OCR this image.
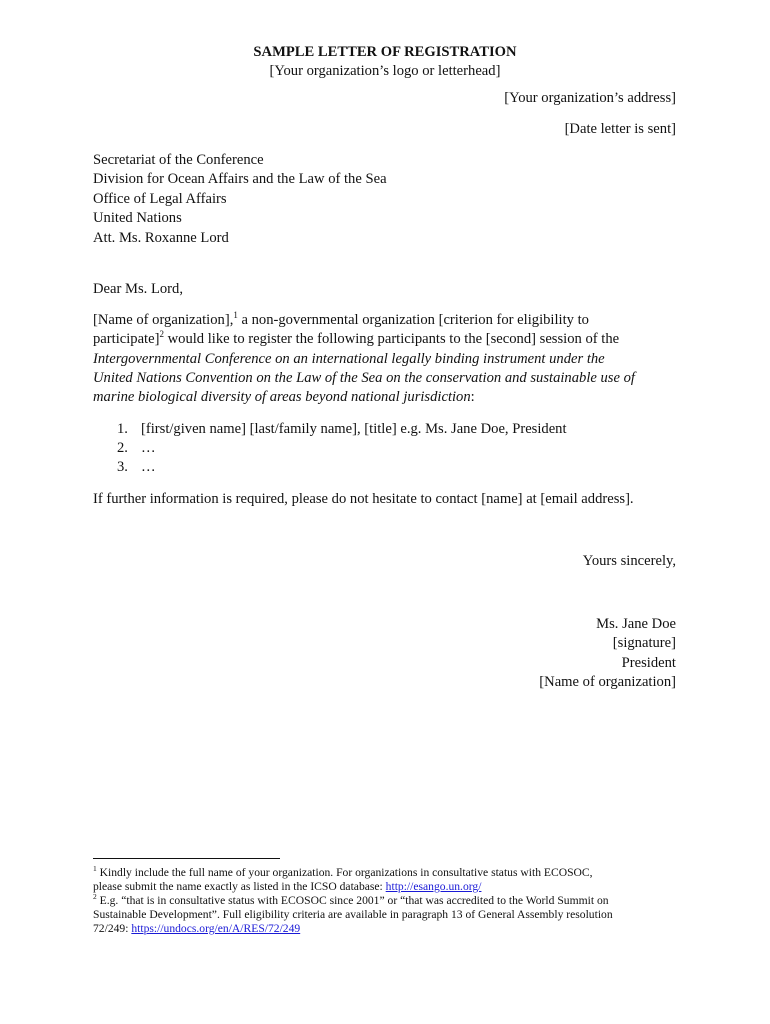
SAMPLE LETTER OF REGISTRATION
[Your organization’s logo or letterhead]
[Your organization’s address]
[Date letter is sent]
Secretariat of the Conference
Division for Ocean Affairs and the Law of the Sea
Office of Legal Affairs
United Nations
Att. Ms. Roxanne Lord
Dear Ms. Lord,
[Name of organization],$^1$ a non-governmental organization [criterion for eligibility to
participate]$^2$ would like to register the following participants to the [second] session of the
Intergovernmental Conference on an international legally binding instrument under the
United Nations Convention on the Law of the Sea on the conservation and sustainable use of
marine biological diversity of areas beyond national jurisdiction:
1. [first/given name] [last/family name], [title] e.g. Ms. Jane Doe, President
2. …
3. …
If further information is required, please do not hesitate to contact [name] at [email address].
Yours sincerely,
Ms. Jane Doe
[signature]
President
[Name of organization]
$^1$ Kindly include the full name of your organization. For organizations in consultative status with ECOSOC,
please submit the name exactly as listed in the ICSO database: http://esango.un.org/
$^2$ E.g. “that is in consultative status with ECOSOC since 2001” or “that was accredited to the World Summit on
Sustainable Development”. Full eligibility criteria are available in paragraph 13 of General Assembly resolution
72/249: https://undocs.org/en/A/RES/72/249
